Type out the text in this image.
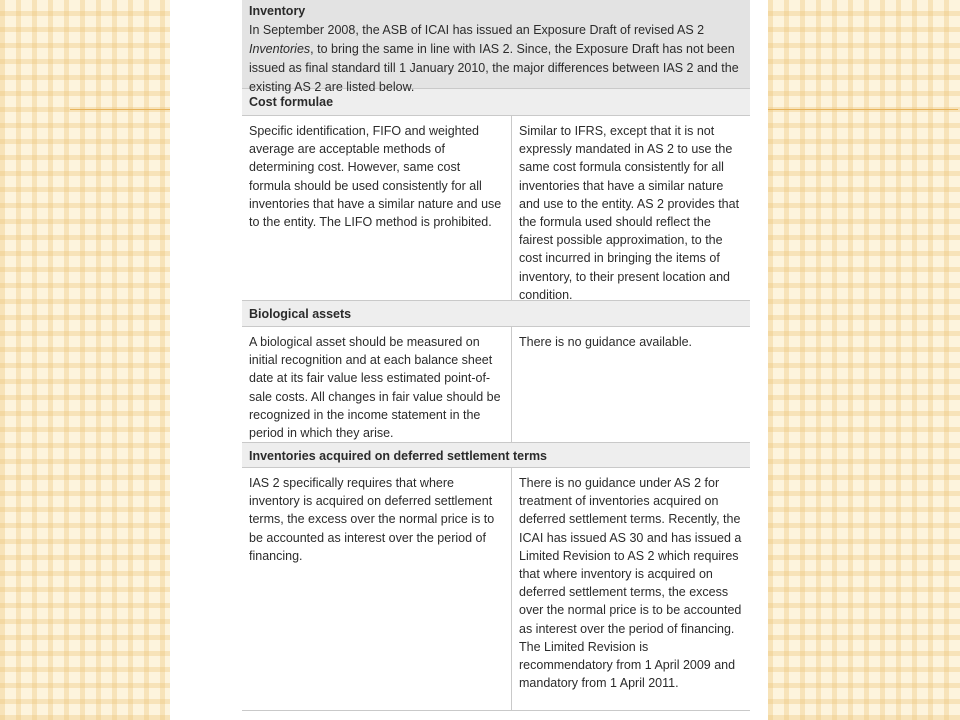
Inventory
In September 2008, the ASB of ICAI has issued an Exposure Draft of revised AS 2 Inventories, to bring the same in line with IAS 2. Since, the Exposure Draft has not been issued as final standard till 1 January 2010, the major differences between IAS 2 and the existing AS 2 are listed below.
Cost formulae

Specific identification, FIFO and weighted average are acceptable methods of determining cost. However, same cost formula should be used consistently for all inventories that have a similar nature and use to the entity. The LIFO method is prohibited.

Similar to IFRS, except that it is not expressly mandated in AS 2 to use the same cost formula consistently for all inventories that have a similar nature and use to the entity. AS 2 provides that the formula used should reflect the fairest possible approximation, to the cost incurred in bringing the items of inventory, to their present location and condition.

Biological assets

A biological asset should be measured on initial recognition and at each balance sheet date at its fair value less estimated point-of-sale costs. All changes in fair value should be recognized in the income statement in the period in which they arise.

There is no guidance available.

Inventories acquired on deferred settlement terms

IAS 2 specifically requires that where inventory is acquired on deferred settlement terms, the excess over the normal price is to be accounted as interest over the period of financing.

There is no guidance under AS 2 for treatment of inventories acquired on deferred settlement terms. Recently, the ICAI has issued AS 30 and has issued a Limited Revision to AS 2 which requires that where inventory is acquired on deferred settlement terms, the excess over the normal price is to be accounted as interest over the period of financing. The Limited Revision is recommendatory from 1 April 2009 and mandatory from 1 April 2011.
